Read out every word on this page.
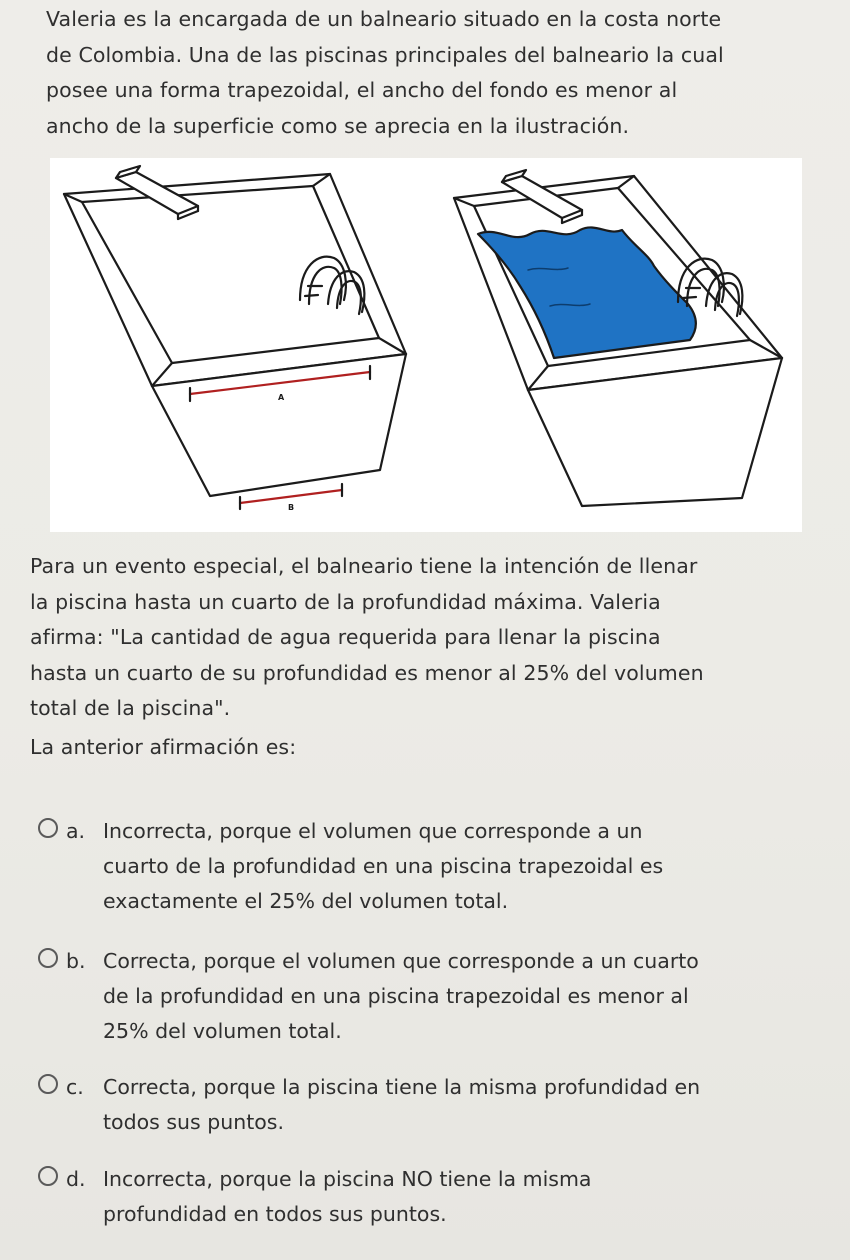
Valeria es la encargada de un balneario situado en la costa norte

de Colombia. Una de las piscinas principales del balneario la cual

posee una forma trapezoidal, el ancho del fondo es menor al

ancho de la superficie como se aprecia en la ilustración.

A
B

Para un evento especial, el balneario tiene la intención de llenar

la piscina hasta un cuarto de la profundidad máxima. Valeria

afirma: "La cantidad de agua requerida para llenar la piscina

hasta un cuarto de su profundidad es menor al 25% del volumen

total de la piscina".

La anterior afirmación es:
a. Incorrecta, porque el volumen que corresponde a un

cuarto de la profundidad en una piscina trapezoidal es

exactamente el 25% del volumen total.

b. Correcta, porque el volumen que corresponde a un cuarto

de la profundidad en una piscina trapezoidal es menor al

25% del volumen total.

c. Correcta, porque la piscina tiene la misma profundidad en

todos sus puntos.

d. Incorrecta, porque la piscina NO tiene la misma

profundidad en todos sus puntos.
